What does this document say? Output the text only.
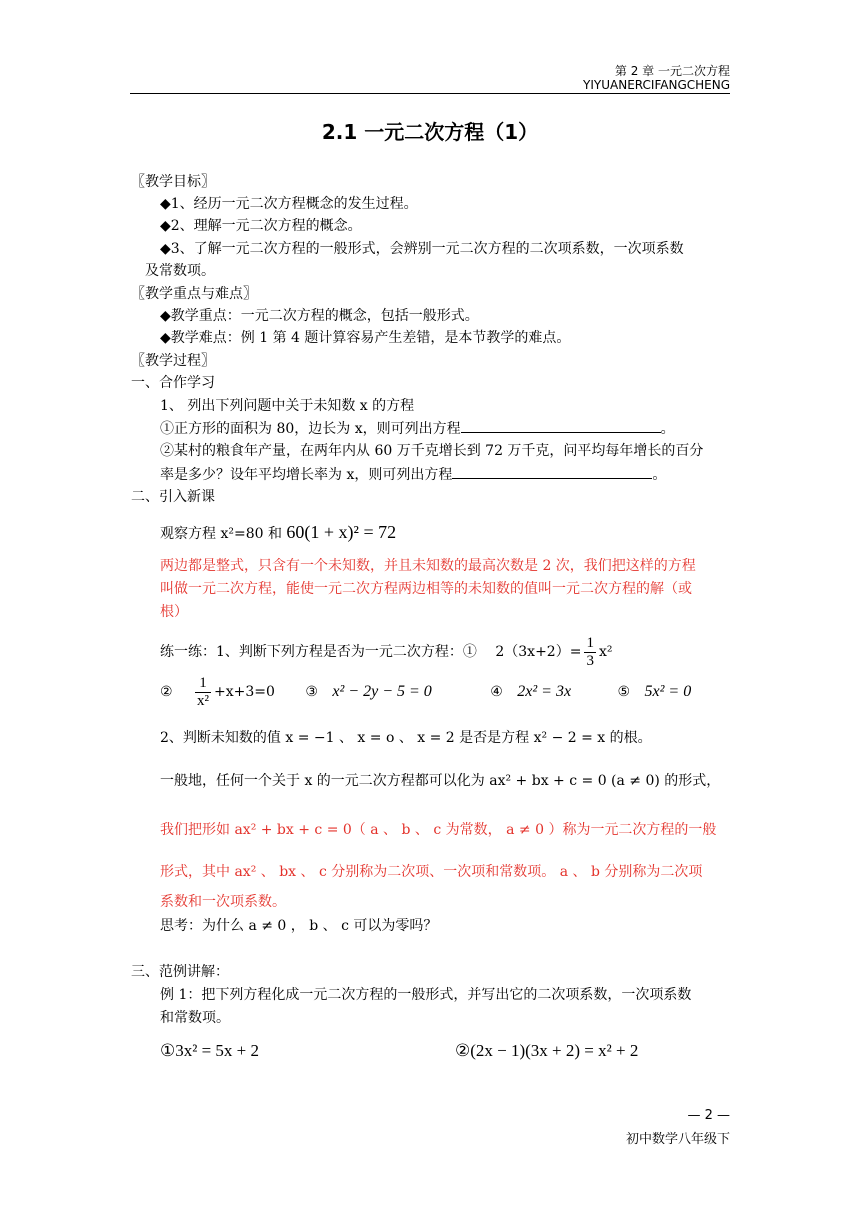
第 2 章 一元二次方程
YIYUANERCIFANGCHENG
2.1 一元二次方程（1）
〖教学目标〗
◆1、经历一元二次方程概念的发生过程。
◆2、理解一元二次方程的概念。
◆3、了解一元二次方程的一般形式，会辨别一元二次方程的二次项系数，一次项系数
及常数项。
〖教学重点与难点〗
◆教学重点：一元二次方程的概念，包括一般形式。
◆教学难点：例 1 第 4 题计算容易产生差错，是本节教学的难点。
〖教学过程〗
一、合作学习
1、 列出下列问题中关于未知数 x 的方程
①正方形的面积为 80，边长为 x，则可列出方程	。
②某村的粮食年产量，在两年内从 60 万千克增长到 72 万千克，问平均每年增长的百分
率是多少？设年平均增长率为 x，则可列出方程	。
二、引入新课
观察方程 x²=80 和 60(1 + x)² = 72
两边都是整式，只含有一个未知数，并且未知数的最高次数是 2 次，我们把这样的方程
叫做一元二次方程，能使一元二次方程两边相等的未知数的值叫一元二次方程的解（或
根）
练一练：1、判断下列方程是否为一元二次方程：① $2(3x+2)= \frac{1}{3} x^2$
② $\frac{1}{\text{x²}} +x+3=0$ ③ x² − 2y − 5 = 0	④ 2x² = 3x	⑤ 5x² = 0
2、判断未知数的值 x = −1 、 x = o 、 x = 2 是否是方程 x² − 2 = x 的根。
一般地，任何一个关于 x 的一元二次方程都可以化为 ax² + bx + c = 0 (a ≠ 0) 的形式，
我们把形如 ax² + bx + c = 0（ a 、 b 、 c 为常数， a ≠ 0 ）称为一元二次方程的一般
形式，其中 ax² 、 bx 、 c 分别称为二次项、一次项和常数项。 a 、 b 分别称为二次项
系数和一次项系数。
思考：为什么 a ≠ 0 ， b 、 c 可以为零吗？
三、范例讲解：
例 1：把下列方程化成一元二次方程的一般形式，并写出它的二次项系数，一次项系数
和常数项。
①3x² = 5x + 2	②(2x − 1)(3x + 2) = x² + 2
— 2 —
初中数学八年级下
